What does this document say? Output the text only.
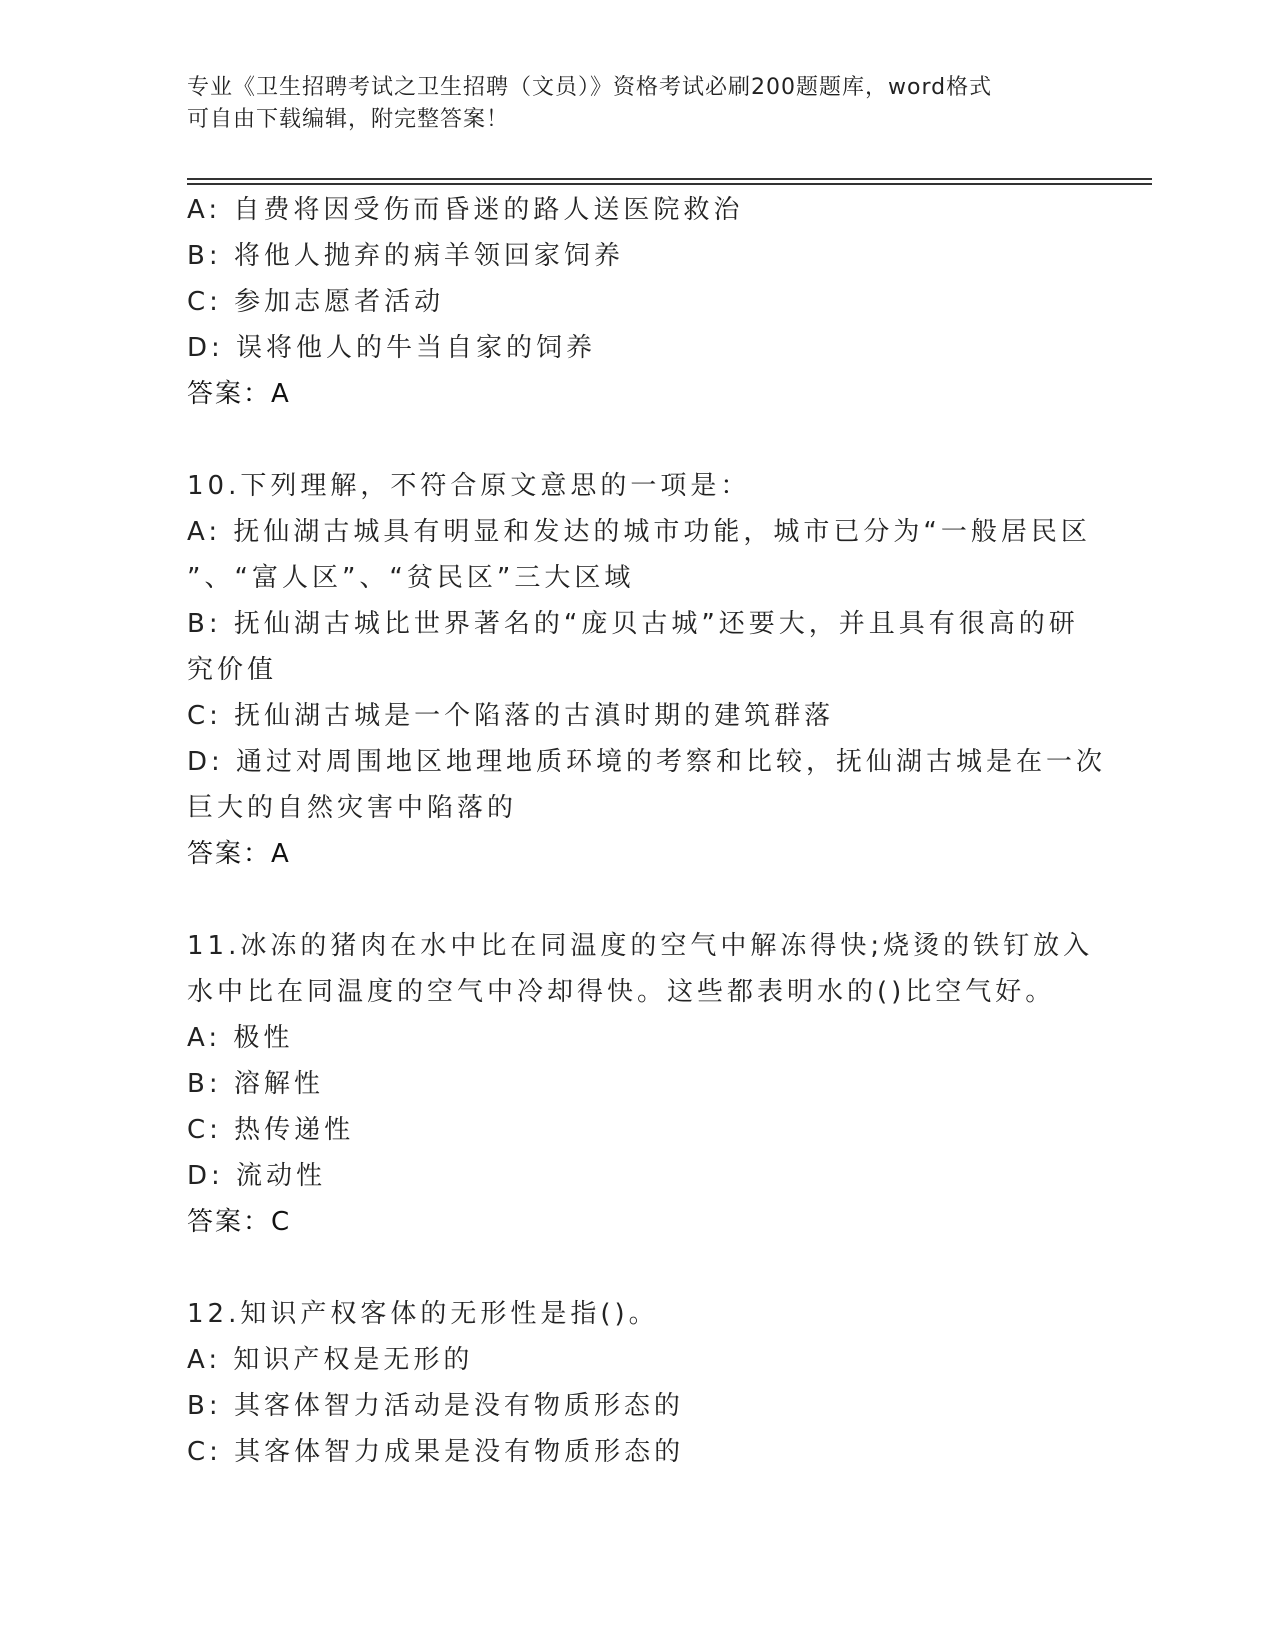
专业《卫生招聘考试之卫生招聘（文员）》资格考试必刷200题题库，word格式
可自由下载编辑，附完整答案！
A: 自费将因受伤而昏迷的路人送医院救治
B: 将他人抛弃的病羊领回家饲养
C: 参加志愿者活动
D: 误将他人的牛当自家的饲养
答案：A
10.下列理解，不符合原文意思的一项是：
A: 抚仙湖古城具有明显和发达的城市功能，城市已分为“一般居民区
”、“富人区”、“贫民区”三大区域
B: 抚仙湖古城比世界著名的“庞贝古城”还要大，并且具有很高的研
究价值
C: 抚仙湖古城是一个陷落的古滇时期的建筑群落
D: 通过对周围地区地理地质环境的考察和比较，抚仙湖古城是在一次
巨大的自然灾害中陷落的
答案：A
11.冰冻的猪肉在水中比在同温度的空气中解冻得快;烧烫的铁钉放入
水中比在同温度的空气中冷却得快。这些都表明水的()比空气好。
A: 极性
B: 溶解性
C: 热传递性
D: 流动性
答案：C
12.知识产权客体的无形性是指()。
A: 知识产权是无形的
B: 其客体智力活动是没有物质形态的
C: 其客体智力成果是没有物质形态的
